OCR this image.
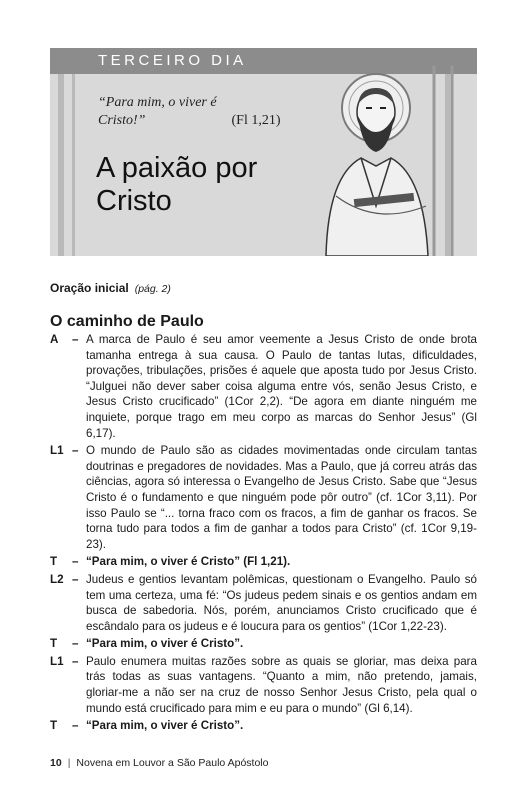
TERCEIRO DIA
“Para mim, o viver é Cristo!”	(Fl 1,21)
A paixão por
Cristo
Oração inicial (pág. 2)
O caminho de Paulo
A	– A marca de Paulo é seu amor veemente a Jesus Cristo de onde brota tamanha entrega à sua causa. O Paulo de tantas lutas, dificuldades, provações, tribulações, prisões é aquele que aposta tudo por Jesus Cristo. “Julguei não dever saber coisa alguma entre vós, senão Jesus Cristo, e Jesus Cristo crucificado” (1Cor 2,2). “De agora em diante ninguém me inquiete, porque trago em meu corpo as marcas do Senhor Jesus” (Gl 6,17).
L1 – O mundo de Paulo são as cidades movimentadas onde circulam tantas doutrinas e pregadores de novidades. Mas a Paulo, que já correu atrás das ciências, agora só interessa o Evangelho de Jesus Cristo. Sabe que “Jesus Cristo é o fundamento e que ninguém pode pôr outro” (cf. 1Cor 3,11). Por isso Paulo se “... torna fraco com os fracos, a fim de ganhar os fracos. Se torna tudo para todos a fim de ganhar a todos para Cristo” (cf. 1Cor 9,19-23).
T	– “Para mim, o viver é Cristo” (Fl 1,21).
L2 – Judeus e gentios levantam polêmicas, questionam o Evangelho. Paulo só tem uma certeza, uma fé: “Os judeus pedem sinais e os gentios andam em busca de sabedoria. Nós, porém, anunciamos Cristo crucificado que é escândalo para os judeus e é loucura para os gentios” (1Cor 1,22-23).
T	– “Para mim, o viver é Cristo”.
L1 – Paulo enumera muitas razões sobre as quais se gloriar, mas deixa para trás todas as suas vantagens. “Quanto a mim, não pretendo, jamais, gloriar-me a não ser na cruz de nosso Senhor Jesus Cristo, pela qual o mundo está crucificado para mim e eu para o mundo” (Gl 6,14).
T	– “Para mim, o viver é Cristo”.
10 | Novena em Louvor a São Paulo Apóstolo
